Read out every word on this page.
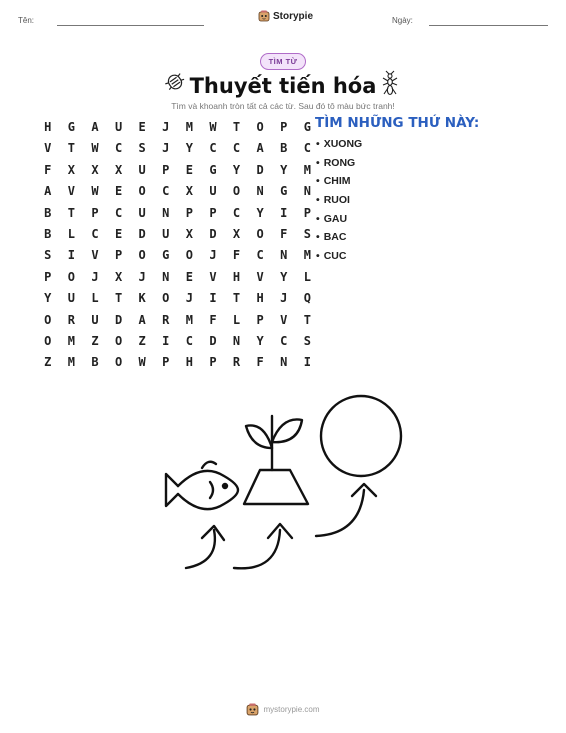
Tên:	Storypie	Ngày:
TÌM TỪ
Thuyết tiến hóa
Tìm và khoanh tròn tất cả các từ. Sau đó tô màu bức tranh!
H	G	A	U	E	J	M	W	T	O	P	G
V	T	W	C	S	J	Y	C	C	A	B	C
F	X	X	X	U	P	E	G	Y	D	Y	M
A	V	W	E	O	C	X	U	O	N	G	N
B	T	P	C	U	N	P	P	C	Y	I	P
B	L	C	E	D	U	X	D	X	O	F	S
S	I	V	P	O	G	O	J	F	C	N	M
P	O	J	X	J	N	E	V	H	V	Y	L
Y	U	L	T	K	O	J	I	T	H	J	Q
O	R	U	D	A	R	M	F	L	P	V	T
O	M	Z	O	Z	I	C	D	N	Y	C	S
Z	M	B	O	W	P	H	P	R	F	N	I
TÌM NHỮNG THỨ NÀY:
• XUONG
• RONG
• CHIM
• RUOI
• GAU
• BAC
• CUC
mystorypie.com
